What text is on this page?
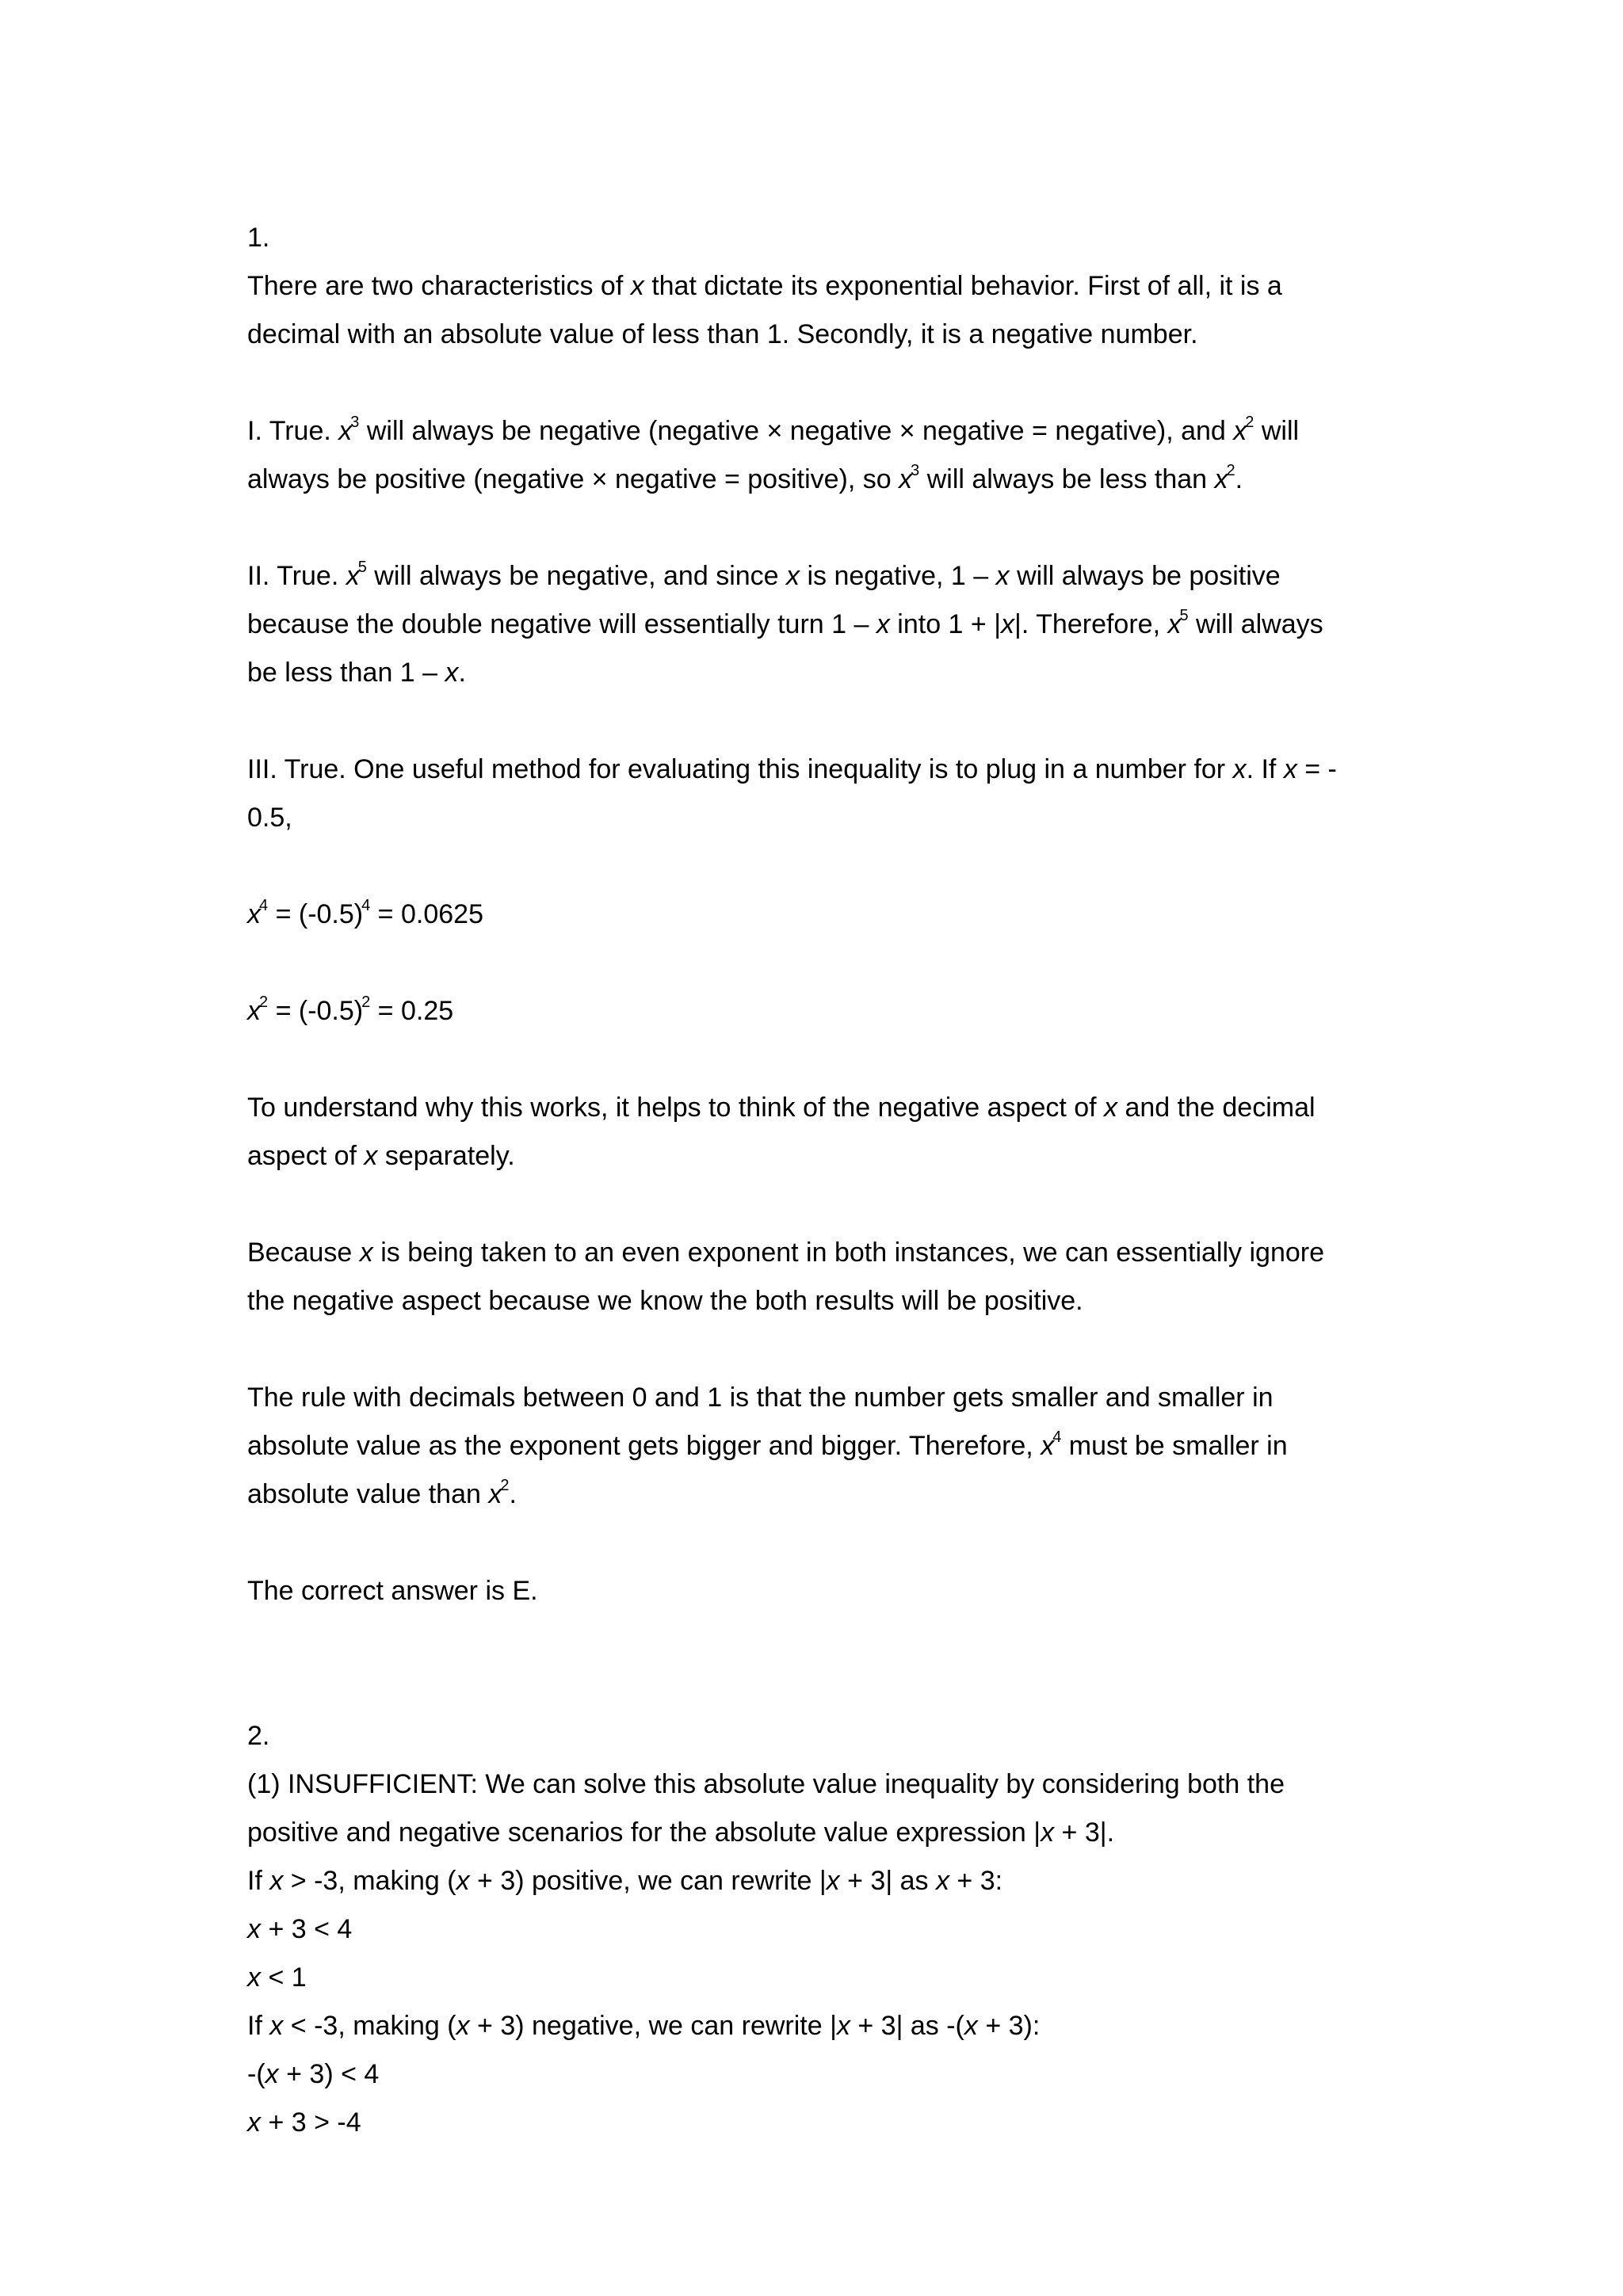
1.
There are two characteristics of x that dictate its exponential behavior. First of all, it is a
decimal with an absolute value of less than 1. Secondly, it is a negative number.
I. True. $x^3$ will always be negative (negative × negative × negative = negative), and $x^2$ will
always be positive (negative × negative = positive), so $x^3$ will always be less than $x^2$.
II. True. $x^5$ will always be negative, and since x is negative, 1 – x will always be positive
because the double negative will essentially turn 1 – x into 1 + |x|. Therefore, $x^5$ will always
be less than 1 – x.
III. True. One useful method for evaluating this inequality is to plug in a number for x. If x = -
0.5,
$x^4 = (-0.5)^4 = 0.0625$
$x^2 = (-0.5)^2 = 0.25$
To understand why this works, it helps to think of the negative aspect of x and the decimal
aspect of x separately.
Because x is being taken to an even exponent in both instances, we can essentially ignore
the negative aspect because we know the both results will be positive.
The rule with decimals between 0 and 1 is that the number gets smaller and smaller in
absolute value as the exponent gets bigger and bigger. Therefore, $x^4$ must be smaller in
absolute value than $x^2$.
The correct answer is E.
2.
(1) INSUFFICIENT: We can solve this absolute value inequality by considering both the
positive and negative scenarios for the absolute value expression |x + 3|.
If x > -3, making (x + 3) positive, we can rewrite |x + 3| as x + 3:
x + 3 < 4
x < 1
If x < -3, making (x + 3) negative, we can rewrite |x + 3| as -(x + 3):
-(x + 3) < 4
x + 3 > -4
